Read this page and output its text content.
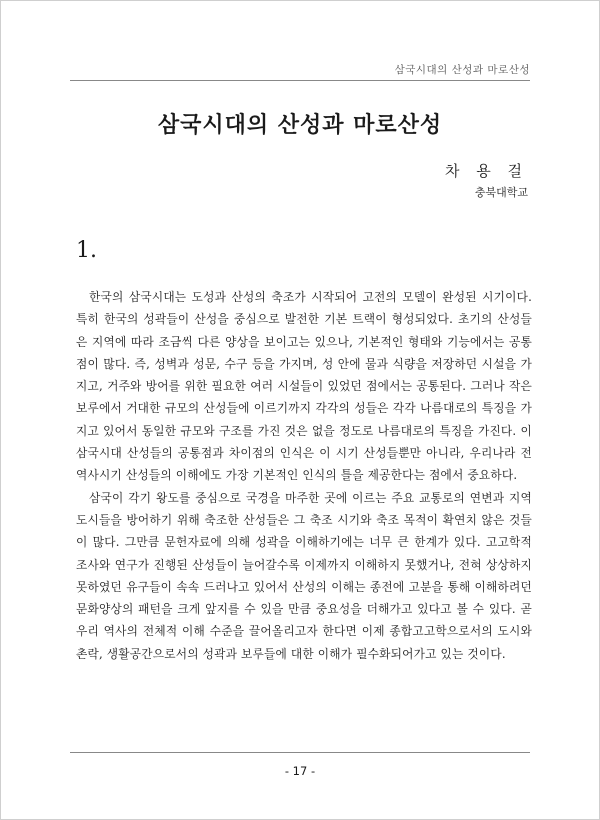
삼국시대의 산성과 마로산성
삼국시대의 산성과 마로산성
차 용 걸
충북대학교
1.

한국의 삼국시대는 도성과 산성의 축조가 시작되어 고전의 모델이 완성된 시기이다. 특히 한국의 성곽들이 산성을 중심으로 발전한 기본 트랙이 형성되었다. 초기의 산성들은 지역에 따라 조금씩 다른 양상을 보이고는 있으나, 기본적인 형태와 기능에서는 공통점이 많다. 즉, 성벽과 성문, 수구 등을 가지며, 성 안에 물과 식량을 저장하던 시설을 가지고, 거주와 방어를 위한 필요한 여러 시설들이 있었던 점에서는 공통된다. 그러나 작은 보루에서 거대한 규모의 산성들에 이르기까지 각각의 성들은 각각 나름대로의 특징을 가지고 있어서 동일한 규모와 구조를 가진 것은 없을 정도로 나름대로의 특징을 가진다. 이 삼국시대 산성들의 공통점과 차이점의 인식은 이 시기 산성들뿐만 아니라, 우리나라 전 역사시기 산성들의 이해에도 가장 기본적인 인식의 틀을 제공한다는 점에서 중요하다.

삼국이 각기 왕도를 중심으로 국경을 마주한 곳에 이르는 주요 교통로의 연변과 지역 도시들을 방어하기 위해 축조한 산성들은 그 축조 시기와 축조 목적이 확연치 않은 것들이 많다. 그만큼 문헌자료에 의해 성곽을 이해하기에는 너무 큰 한계가 있다. 고고학적 조사와 연구가 진행된 산성들이 늘어갈수록 이제까지 이해하지 못했거나, 전혀 상상하지 못하였던 유구들이 속속 드러나고 있어서 산성의 이해는 종전에 고분을 통해 이해하려던 문화양상의 패턴을 크게 앞지를 수 있을 만큼 중요성을 더해가고 있다고 볼 수 있다. 곧 우리 역사의 전체적 이해 수준을 끌어올리고자 한다면 이제 종합고고학으로서의 도시와 촌락, 생활공간으로서의 성곽과 보루들에 대한 이해가 필수화되어가고 있는 것이다.

- 17 -
